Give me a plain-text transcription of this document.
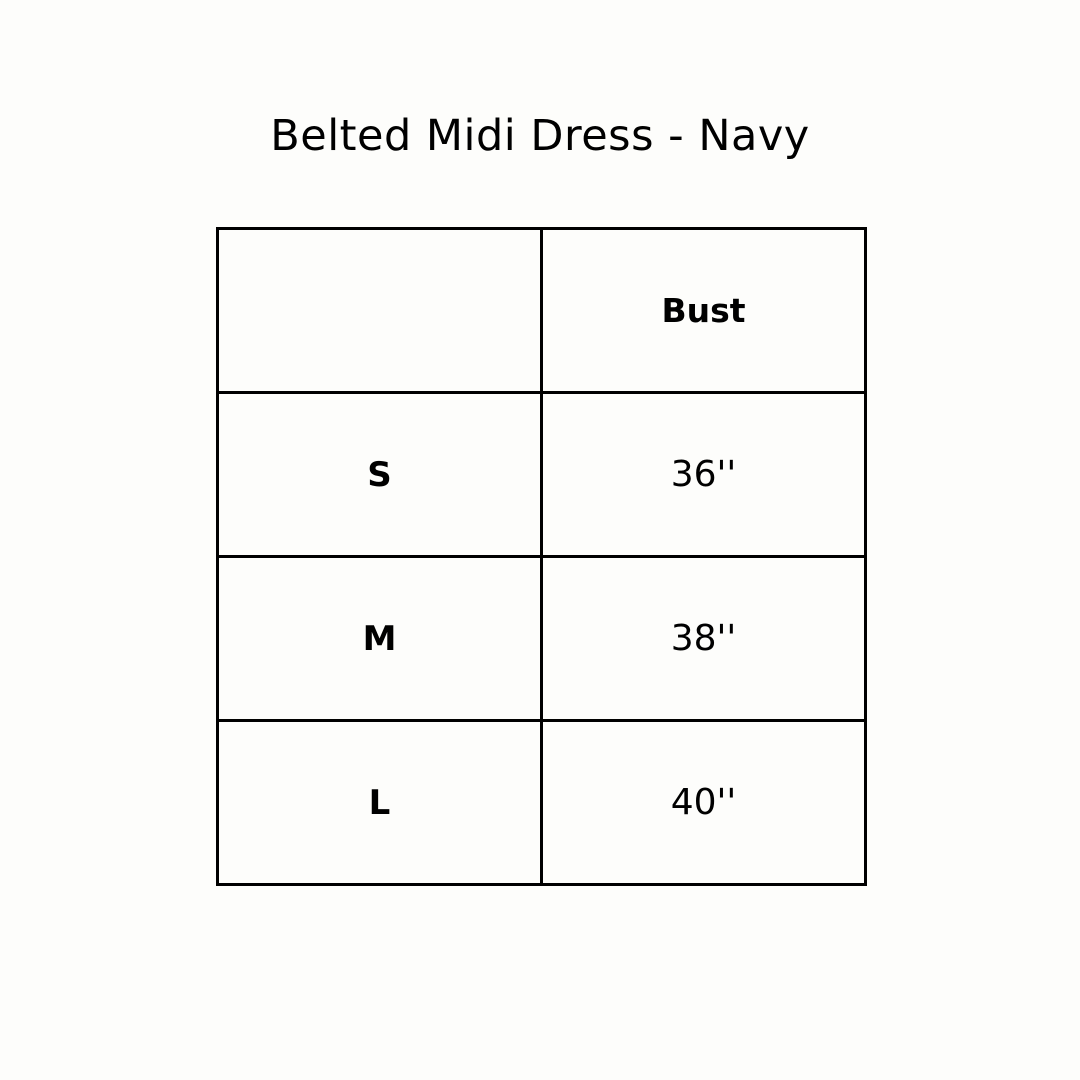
Belted Midi Dress - Navy
	Bust
S	36''
M	38''
L	40''
